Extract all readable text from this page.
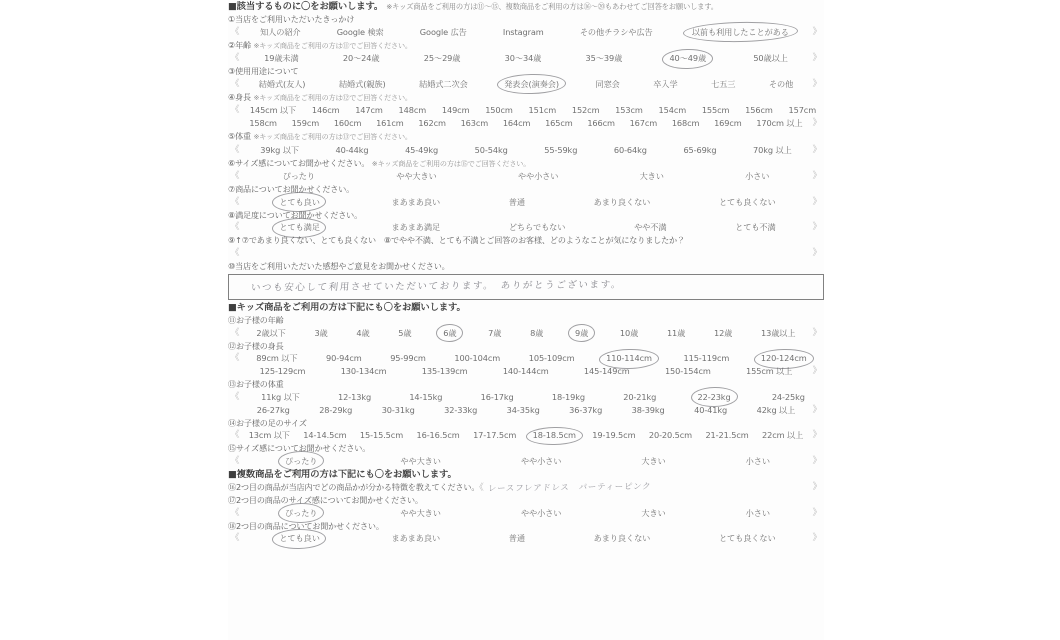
■該当するものに〇をお願いします。 ※キッズ商品をご利用の方は⑪〜⑮、複数商品をご利用の方は⑯〜⑳もあわせてご回答をお願いします。
①当店をご利用いただいたきっかけ
《	知人の紹介	Google 検索	Google 広告	Instagram	その他チラシや広告	以前も利用したことがある	》
②年齢 ※キッズ商品をご利用の方は⑪でご回答ください。
《	19歳未満	20〜24歳	25〜29歳	30〜34歳	35〜39歳	40〜49歳	50歳以上	》
③使用用途について
《	結婚式(友人)	結婚式(親族)	結婚式二次会	発表会(演奏会)	同窓会	卒入学	七五三	その他 》
④身長 ※キッズ商品をご利用の方は⑫でご回答ください。
《	145cm 以下 146cm 147cm 148cm 149cm 150cm 151cm 152cm 153cm 154cm 155cm 156cm 157cm
158cm 159cm 160cm 161cm 162cm 163cm 164cm 165cm 166cm 167cm 168cm 169cm 170cm 以上 》
⑤体重 ※キッズ商品をご利用の方は⑬でご回答ください。
《	39kg 以下	40-44kg	45-49kg	50-54kg	55-59kg	60-64kg	65-69kg	70kg 以上 》
⑥サイズ感についてお聞かせください。 ※キッズ商品をご利用の方は⑮でご回答ください。
《	ぴったり	やや大きい	やや小さい	大きい	小さい	》
⑦商品についてお聞かせください。
《	とても良い	まあまあ良い	普通	あまり良くない	とても良くない	》
⑧満足度についてお聞かせください。
《	とても満足	まあまあ満足	どちらでもない	やや不満	とても不満	》
⑨↑⑦であまり良くない、とても良くない　⑧でやや不満、とても不満とご回答のお客様、どのようなことが気になりましたか？
《	》
⑩当店をご利用いただいた感想やご意見をお聞かせください。
いつも安心して利用させていただいております。　ありがとうございます。
■キッズ商品をご利用の方は下記にも〇をお願いします。
⑪お子様の年齢
《	2歳以下	3歳	4歳	5歳	6歳	7歳	8歳	9歳	10歳	11歳	12歳	13歳以上 》
⑫お子様の身長
《	89cm 以下	90-94cm	95-99cm	100-104cm	105-109cm	110-114cm	115-119cm	120-124cm
125-129cm	130-134cm	135-139cm	140-144cm	145-149cm	150-154cm	155cm 以上 》
⑬お子様の体重
《	11kg 以下	12-13kg	14-15kg	16-17kg	18-19kg	20-21kg	22-23kg	24-25kg
26-27kg	28-29kg	30-31kg	32-33kg	34-35kg	36-37kg	38-39kg	40-41kg	42kg 以上 》
⑭お子様の足のサイズ
《	13cm 以下 14-14.5cm 15-15.5cm 16-16.5cm 17-17.5cm	18-18.5cm	19-19.5cm 20-20.5cm 21-21.5cm 22cm 以上 》
⑮サイズ感についてお聞かせください。
《	ぴったり	やや大きい	やや小さい	大きい	小さい	》
■複数商品をご利用の方は下記にも〇をお願いします。
⑯2つ目の商品が当店内でどの商品かが分かる特徴を教えてください。《 レースフレアドレス　パーティーピンク	》
⑰2つ目の商品のサイズ感についてお聞かせください。
《	ぴったり	やや大きい	やや小さい	大きい	小さい	》
⑱2つ目の商品についてお聞かせください。
《	とても良い	まあまあ良い	普通	あまり良くない	とても良くない	》
